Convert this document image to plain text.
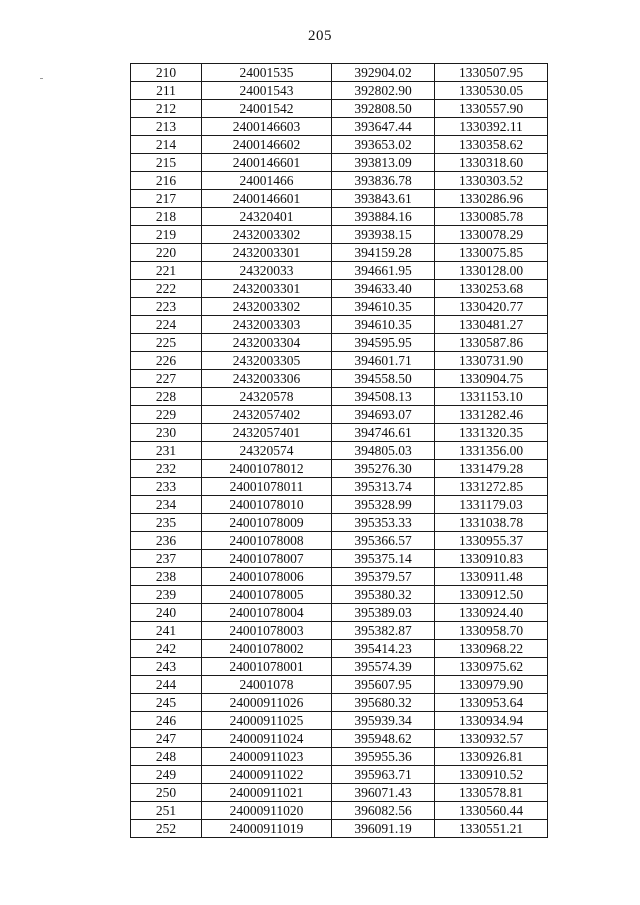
205
210	24001535	392904.02	1330507.95
211	24001543	392802.90	1330530.05
212	24001542	392808.50	1330557.90
213	2400146603	393647.44	1330392.11
214	2400146602	393653.02	1330358.62
215	2400146601	393813.09	1330318.60
216	24001466	393836.78	1330303.52
217	2400146601	393843.61	1330286.96
218	24320401	393884.16	1330085.78
219	2432003302	393938.15	1330078.29
220	2432003301	394159.28	1330075.85
221	24320033	394661.95	1330128.00
222	2432003301	394633.40	1330253.68
223	2432003302	394610.35	1330420.77
224	2432003303	394610.35	1330481.27
225	2432003304	394595.95	1330587.86
226	2432003305	394601.71	1330731.90
227	2432003306	394558.50	1330904.75
228	24320578	394508.13	1331153.10
229	2432057402	394693.07	1331282.46
230	2432057401	394746.61	1331320.35
231	24320574	394805.03	1331356.00
232	24001078012	395276.30	1331479.28
233	24001078011	395313.74	1331272.85
234	24001078010	395328.99	1331179.03
235	24001078009	395353.33	1331038.78
236	24001078008	395366.57	1330955.37
237	24001078007	395375.14	1330910.83
238	24001078006	395379.57	1330911.48
239	24001078005	395380.32	1330912.50
240	24001078004	395389.03	1330924.40
241	24001078003	395382.87	1330958.70
242	24001078002	395414.23	1330968.22
243	24001078001	395574.39	1330975.62
244	24001078	395607.95	1330979.90
245	24000911026	395680.32	1330953.64
246	24000911025	395939.34	1330934.94
247	24000911024	395948.62	1330932.57
248	24000911023	395955.36	1330926.81
249	24000911022	395963.71	1330910.52
250	24000911021	396071.43	1330578.81
251	24000911020	396082.56	1330560.44
252	24000911019	396091.19	1330551.21
